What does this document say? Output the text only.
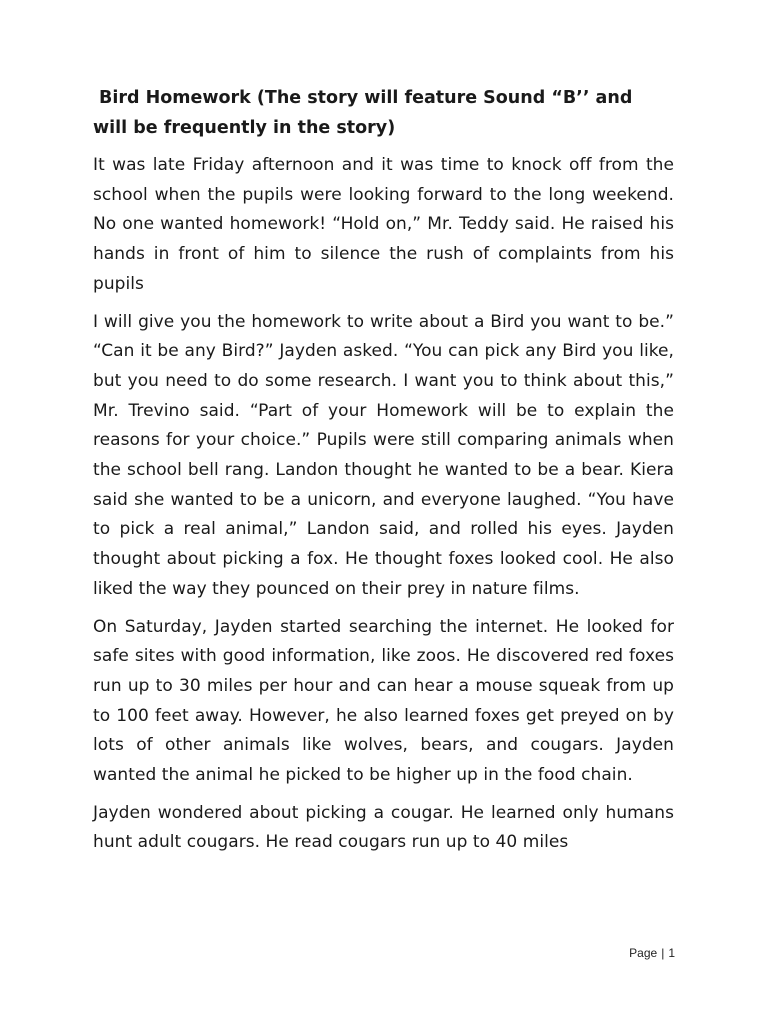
Bird Homework (The story will feature Sound “B’’ and
will be frequently in the story)

It was late Friday afternoon and it was time to knock off from the school when the pupils were looking forward to the long weekend. No one wanted homework! “Hold on,” Mr. Teddy said. He raised his hands in front of him to silence the rush of complaints from his pupils

I will give you the homework to write about a Bird you want to be.” “Can it be any Bird?” Jayden asked. “You can pick any Bird you like, but you need to do some research. I want you to think about this,” Mr. Trevino said. “Part of your Homework will be to explain the reasons for your choice.” Pupils were still comparing animals when the school bell rang. Landon thought he wanted to be a bear. Kiera said she wanted to be a unicorn, and everyone laughed. “You have to pick a real animal,” Landon said, and rolled his eyes. Jayden thought about picking a fox. He thought foxes looked cool. He also liked the way they pounced on their prey in nature films.

On Saturday, Jayden started searching the internet. He looked for safe sites with good information, like zoos. He discovered red foxes run up to 30 miles per hour and can hear a mouse squeak from up to 100 feet away. However, he also learned foxes get preyed on by lots of other animals like wolves, bears, and cougars. Jayden wanted the animal he picked to be higher up in the food chain.

Jayden wondered about picking a cougar. He learned only humans hunt adult cougars. He read cougars run up to 40 miles

Page | 1
